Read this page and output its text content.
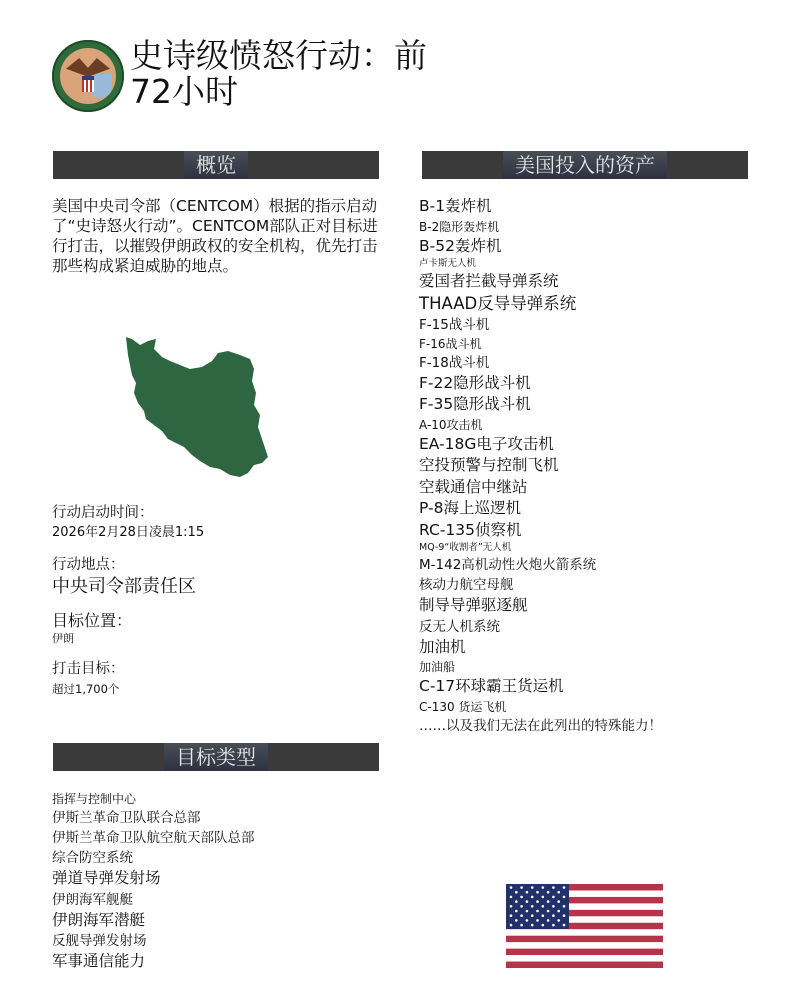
史诗级愤怒行动：前
72小时
概览

美国中央司令部（CENTCOM）根据的指示启动了“史诗怒火行动”。CENTCOM部队正对目标进行打击，以摧毁伊朗政权的安全机构，优先打击那些构成紧迫威胁的地点。

行动启动时间：
2026年2月28日凌晨1:15
行动地点：
中央司令部责任区
目标位置：
伊朗
打击目标：
超过1,700个
美国投入的资产
B-1轰炸机
B-2隐形轰炸机
B-52轰炸机
卢卡斯无人机
爱国者拦截导弹系统
THAAD反导导弹系统
F-15战斗机
F-16战斗机
F-18战斗机
F-22隐形战斗机
F-35隐形战斗机
A-10攻击机
EA-18G电子攻击机
空投预警与控制飞机
空载通信中继站
P-8海上巡逻机
RC-135侦察机
MQ-9“收割者”无人机
M-142高机动性火炮火箭系统
核动力航空母舰
制导导弹驱逐舰
反无人机系统
加油机
加油船
C-17环球霸王货运机
C-130 货运飞机
……以及我们无法在此列出的特殊能力！
目标类型
指挥与控制中心
伊斯兰革命卫队联合总部
伊斯兰革命卫队航空航天部队总部
综合防空系统
弹道导弹发射场
伊朗海军舰艇
伊朗海军潜艇
反舰导弹发射场
军事通信能力
